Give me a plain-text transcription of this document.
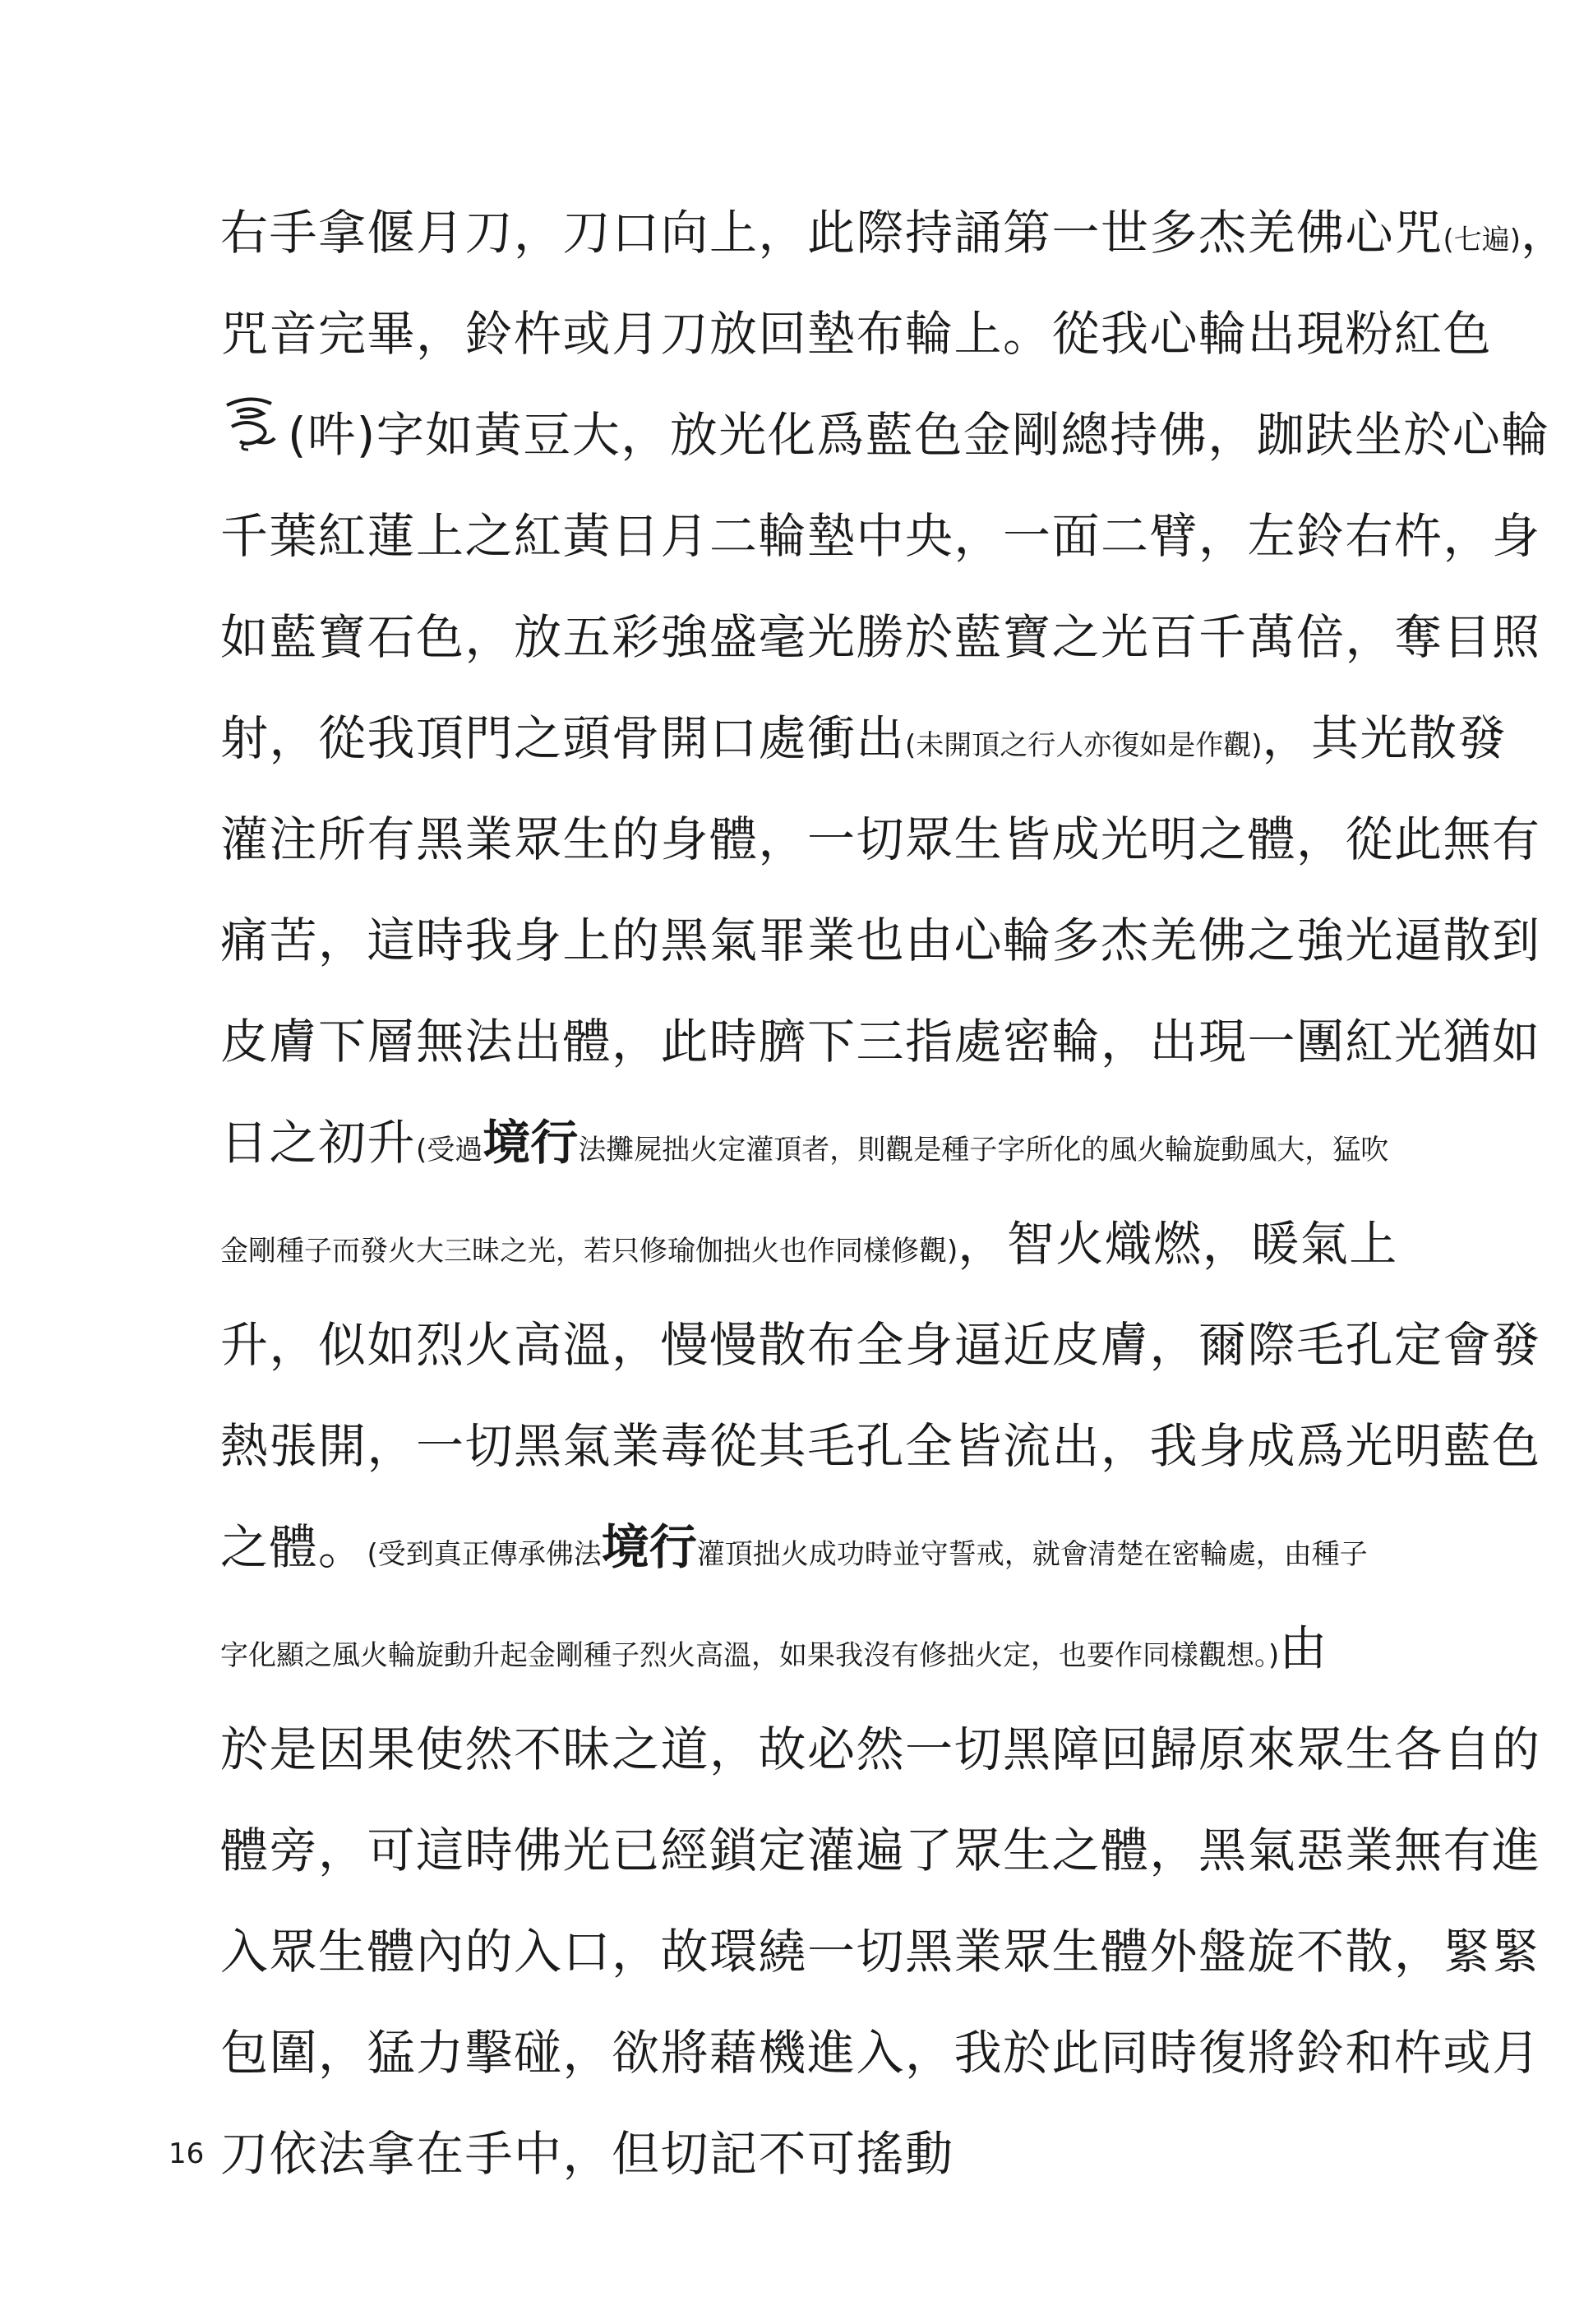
右手拿偃月刀，刀口向上，此際持誦第一世多杰羌佛心咒(七遍)，
咒音完畢，鈴杵或月刀放回墊布輪上。從我心輪出現粉紅色
(吽)字如黃豆大，放光化爲藍色金剛總持佛，跏趺坐於心輪
千葉紅蓮上之紅黃日月二輪墊中央，一面二臂，左鈴右杵，身
如藍寶石色，放五彩強盛毫光勝於藍寶之光百千萬倍，奪目照
射，從我頂門之頭骨開口處衝出(未開頂之行人亦復如是作觀)，其光散發
灌注所有黑業眾生的身體，一切眾生皆成光明之體，從此無有
痛苦，這時我身上的黑氣罪業也由心輪多杰羌佛之強光逼散到
皮膚下層無法出體，此時臍下三指處密輪，出現一團紅光猶如
日之初升(受過境行法攤屍拙火定灌頂者，則觀是種子字所化的風火輪旋動風大，猛吹
金剛種子而發火大三昧之光，若只修瑜伽拙火也作同樣修觀)，智火熾燃，暖氣上
升，似如烈火高溫，慢慢散布全身逼近皮膚，爾際毛孔定會發
熱張開，一切黑氣業毒從其毛孔全皆流出，我身成爲光明藍色
之體。(受到真正傳承佛法境行灌頂拙火成功時並守誓戒，就會清楚在密輪處，由種子
字化顯之風火輪旋動升起金剛種子烈火高溫，如果我沒有修拙火定，也要作同樣觀想。)由
於是因果使然不昧之道，故必然一切黑障回歸原來眾生各自的
體旁，可這時佛光已經鎖定灌遍了眾生之體，黑氣惡業無有進
入眾生體內的入口，故環繞一切黑業眾生體外盤旋不散，緊緊
包圍，猛力擊碰，欲將藉機進入，我於此同時復將鈴和杵或月
刀依法拿在手中，但切記不可搖動
16
